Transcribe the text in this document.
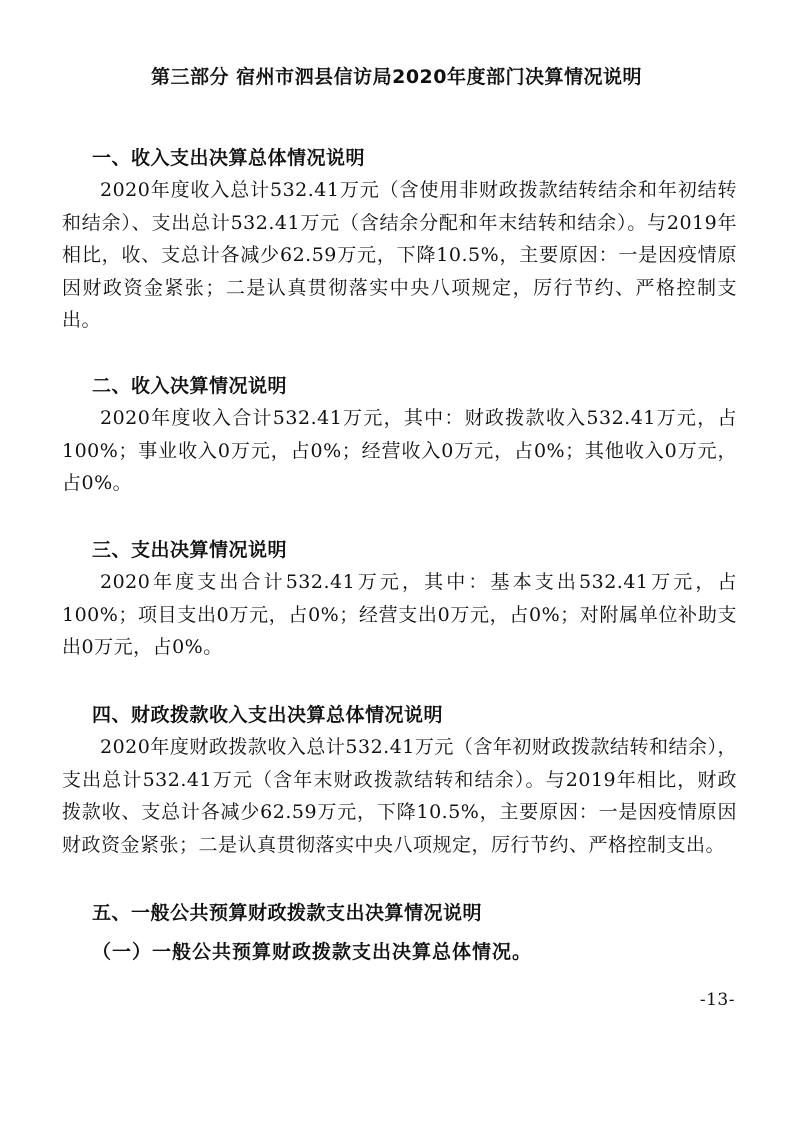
第三部分 宿州市泗县信访局2020年度部门决算情况说明
一、收入支出决算总体情况说明
2020年度收入总计532.41万元（含使用非财政拨款结转结余和年初结转和结余）、支出总计532.41万元（含结余分配和年末结转和结余）。与2019年相比，收、支总计各减少62.59万元，下降10.5%，主要原因：一是因疫情原因财政资金紧张；二是认真贯彻落实中央八项规定，厉行节约、严格控制支出。
二、收入决算情况说明
2020年度收入合计532.41万元，其中：财政拨款收入532.41万元，占100%；事业收入0万元，占0%；经营收入0万元，占0%；其他收入0万元，占0%。
三、支出决算情况说明
2020年度支出合计532.41万元，其中：基本支出532.41万元，占100%；项目支出0万元，占0%；经营支出0万元，占0%；对附属单位补助支出0万元，占0%。
四、财政拨款收入支出决算总体情况说明
2020年度财政拨款收入总计532.41万元（含年初财政拨款结转和结余），支出总计532.41万元（含年末财政拨款结转和结余）。与2019年相比，财政拨款收、支总计各减少62.59万元，下降10.5%，主要原因：一是因疫情原因财政资金紧张；二是认真贯彻落实中央八项规定，厉行节约、严格控制支出。
五、一般公共预算财政拨款支出决算情况说明
（一）一般公共预算财政拨款支出决算总体情况。
-13-
